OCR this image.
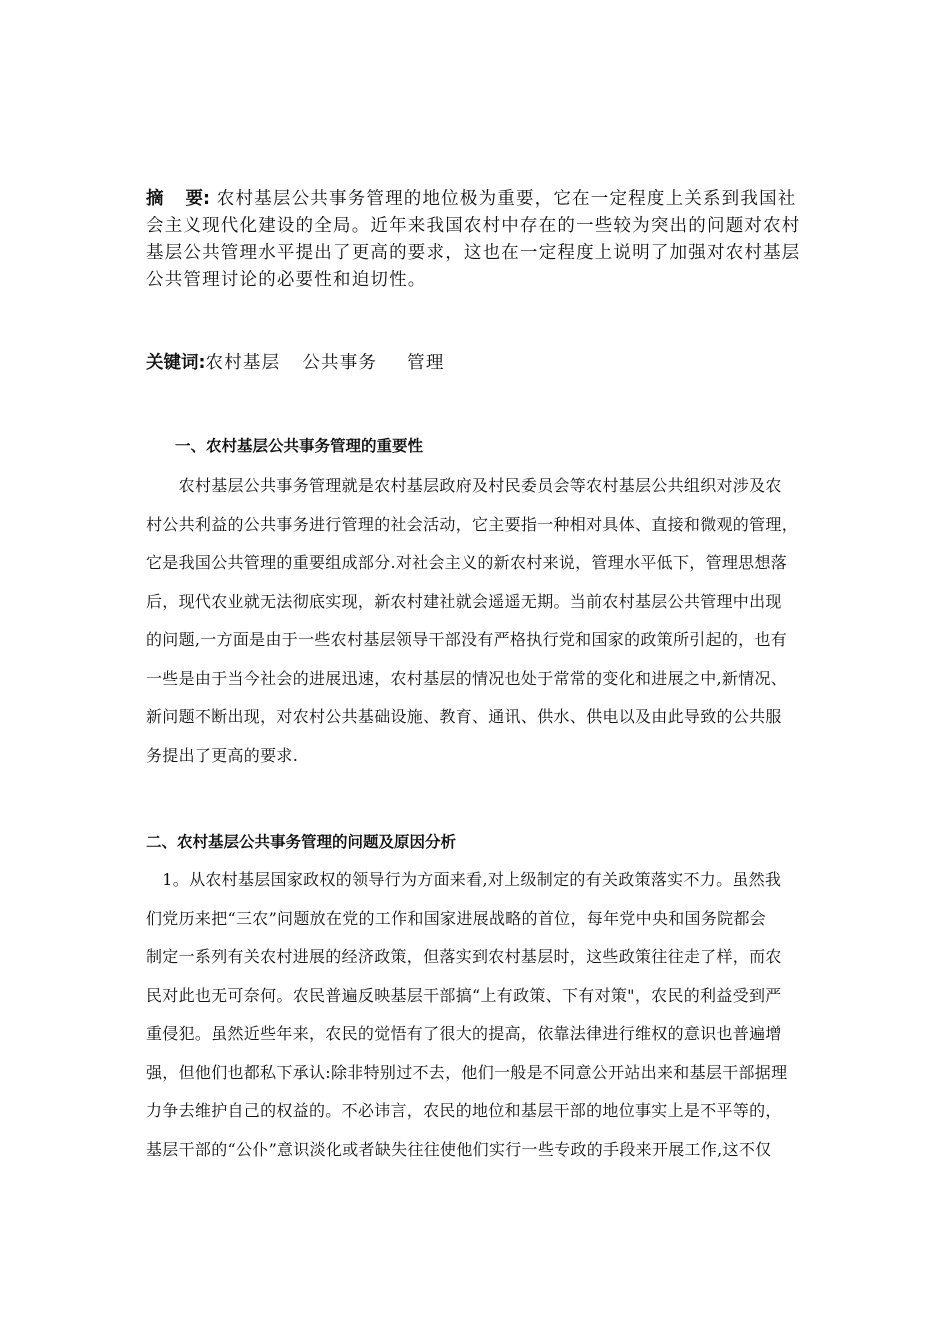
摘 要: 农村基层公共事务管理的地位极为重要，它在一定程度上关系到我国社会主义现代化建设的全局。近年来我国农村中存在的一些较为突出的问题对农村基层公共管理水平提出了更高的要求，这也在一定程度上说明了加强对农村基层公共管理讨论的必要性和迫切性。
关键词:农村基层 公共事务 管理
一、农村基层公共事务管理的重要性
　　农村基层公共事务管理就是农村基层政府及村民委员会等农村基层公共组织对涉及农
村公共利益的公共事务进行管理的社会活动，它主要指一种相对具体、直接和微观的管理，
它是我国公共管理的重要组成部分.对社会主义的新农村来说，管理水平低下，管理思想落
后，现代农业就无法彻底实现，新农村建社就会遥遥无期。当前农村基层公共管理中出现
的问题,一方面是由于一些农村基层领导干部没有严格执行党和国家的政策所引起的，也有
一些是由于当今社会的进展迅速，农村基层的情况也处于常常的变化和进展之中,新情况、
新问题不断出现，对农村公共基础设施、教育、通讯、供水、供电以及由此导致的公共服
务提出了更高的要求.
二、农村基层公共事务管理的问题及原因分析
　1。从农村基层国家政权的领导行为方面来看,对上级制定的有关政策落实不力。虽然我
们党历来把“三农”问题放在党的工作和国家进展战略的首位，每年党中央和国务院都会
制定一系列有关农村进展的经济政策，但落实到农村基层时，这些政策往往走了样，而农
民对此也无可奈何。农民普遍反映基层干部搞“上有政策、下有对策"，农民的利益受到严
重侵犯。虽然近些年来，农民的觉悟有了很大的提高，依靠法律进行维权的意识也普遍增
强，但他们也都私下承认:除非特别过不去，他们一般是不同意公开站出来和基层干部据理
力争去维护自己的权益的。不必讳言，农民的地位和基层干部的地位事实上是不平等的，
基层干部的“公仆”意识淡化或者缺失往往使他们实行一些专政的手段来开展工作,这不仅
